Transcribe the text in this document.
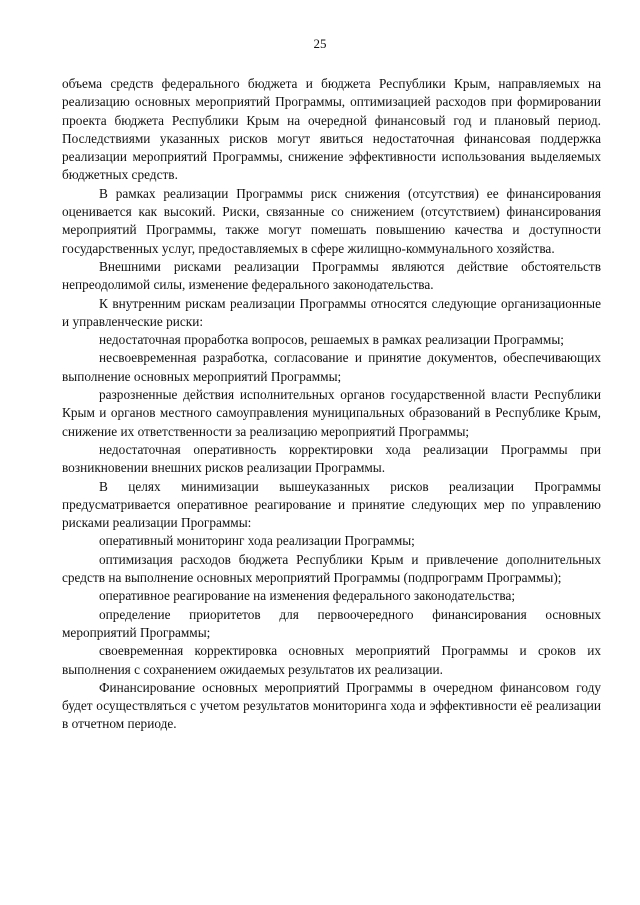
25

объема средств федерального бюджета и бюджета Республики Крым, направляемых на реализацию основных мероприятий Программы, оптимизацией расходов при формировании проекта бюджета Республики Крым на очередной финансовый год и плановый период. Последствиями указанных рисков могут явиться недостаточная финансовая поддержка реализации мероприятий Программы, снижение эффективности использования выделяемых бюджетных средств.

В рамках реализации Программы риск снижения (отсутствия) ее финансирования оценивается как высокий. Риски, связанные со снижением (отсутствием) финансирования мероприятий Программы, также могут помешать повышению качества и доступности государственных услуг, предоставляемых в сфере жилищно-коммунального хозяйства.

Внешними рисками реализации Программы являются действие обстоятельств непреодолимой силы, изменение федерального законодательства.

К внутренним рискам реализации Программы относятся следующие организационные и управленческие риски:

недостаточная проработка вопросов, решаемых в рамках реализации Программы;

несвоевременная разработка, согласование и принятие документов, обеспечивающих выполнение основных мероприятий Программы;

разрозненные действия исполнительных органов государственной власти Республики Крым и органов местного самоуправления муниципальных образований в Республике Крым, снижение их ответственности за реализацию мероприятий Программы;

недостаточная оперативность корректировки хода реализации Программы при возникновении внешних рисков реализации Программы.

В целях минимизации вышеуказанных рисков реализации Программы предусматривается оперативное реагирование и принятие следующих мер по управлению рисками реализации Программы:

оперативный мониторинг хода реализации Программы;

оптимизация расходов бюджета Республики Крым и привлечение дополнительных средств на выполнение основных мероприятий Программы (подпрограмм Программы);

оперативное реагирование на изменения федерального законодательства;

определение приоритетов для первоочередного финансирования основных мероприятий Программы;

своевременная корректировка основных мероприятий Программы и сроков их выполнения с сохранением ожидаемых результатов их реализации.

Финансирование основных мероприятий Программы в очередном финансовом году будет осуществляться с учетом результатов мониторинга хода и эффективности её реализации в отчетном периоде.
